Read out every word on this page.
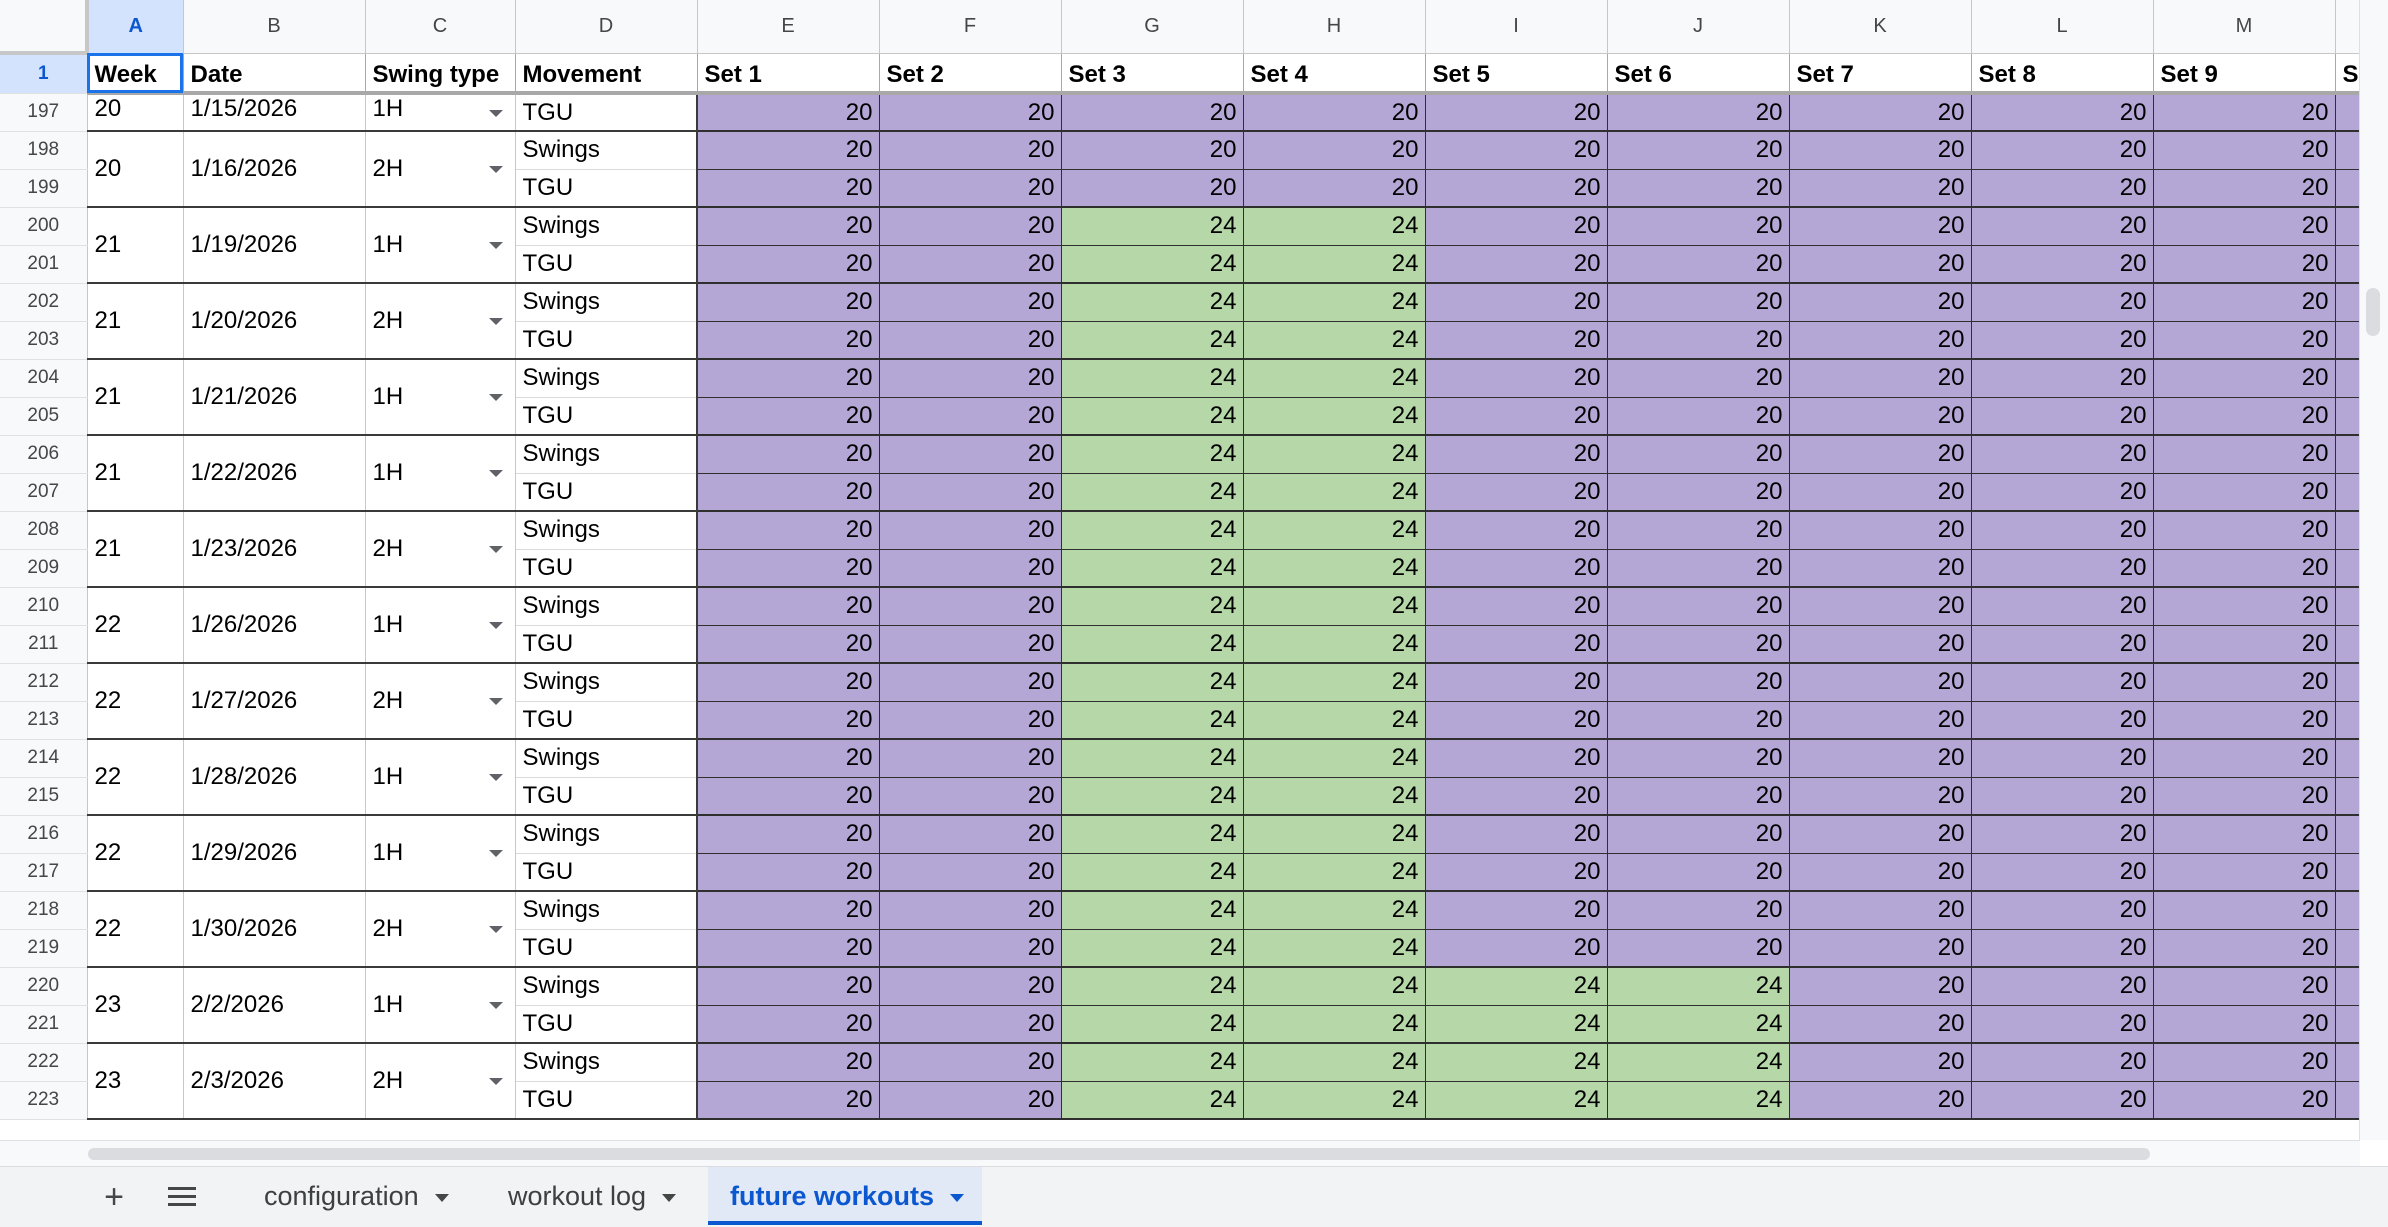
	A	B	C	D	E	F	G	H	I	J	K	L	M	
1	Week	Date	Swing type	Movement	Set 1	Set 2	Set 3	Set 4	Set 5	Set 6	Set 7	Set 8	Set 9	S
197	20	1/15/2026	1H	TGU	20	20	20	20	20	20	20	20	20	
198	20	1/16/2026	2H	Swings	20	20	20	20	20	20	20	20	20	
199				TGU	20	20	20	20	20	20	20	20	20	
200	21	1/19/2026	1H	Swings	20	20	24	24	20	20	20	20	20	
201				TGU	20	20	24	24	20	20	20	20	20	
202	21	1/20/2026	2H	Swings	20	20	24	24	20	20	20	20	20	
203				TGU	20	20	24	24	20	20	20	20	20	
204	21	1/21/2026	1H	Swings	20	20	24	24	20	20	20	20	20	
205				TGU	20	20	24	24	20	20	20	20	20	
206	21	1/22/2026	1H	Swings	20	20	24	24	20	20	20	20	20	
207				TGU	20	20	24	24	20	20	20	20	20	
208	21	1/23/2026	2H	Swings	20	20	24	24	20	20	20	20	20	
209				TGU	20	20	24	24	20	20	20	20	20	
210	22	1/26/2026	1H	Swings	20	20	24	24	20	20	20	20	20	
211				TGU	20	20	24	24	20	20	20	20	20	
212	22	1/27/2026	2H	Swings	20	20	24	24	20	20	20	20	20	
213				TGU	20	20	24	24	20	20	20	20	20	
214	22	1/28/2026	1H	Swings	20	20	24	24	20	20	20	20	20	
215				TGU	20	20	24	24	20	20	20	20	20	
216	22	1/29/2026	1H	Swings	20	20	24	24	20	20	20	20	20	
217				TGU	20	20	24	24	20	20	20	20	20	
218	22	1/30/2026	2H	Swings	20	20	24	24	20	20	20	20	20	
219				TGU	20	20	24	24	20	20	20	20	20	
220	23	2/2/2026	1H	Swings	20	20	24	24	24	24	20	20	20	
221				TGU	20	20	24	24	24	24	20	20	20	
222	23	2/3/2026	2H	Swings	20	20	24	24	24	24	20	20	20	
223				TGU	20	20	24	24	24	24	20	20	20	
+	configuration	workout log	future workouts
